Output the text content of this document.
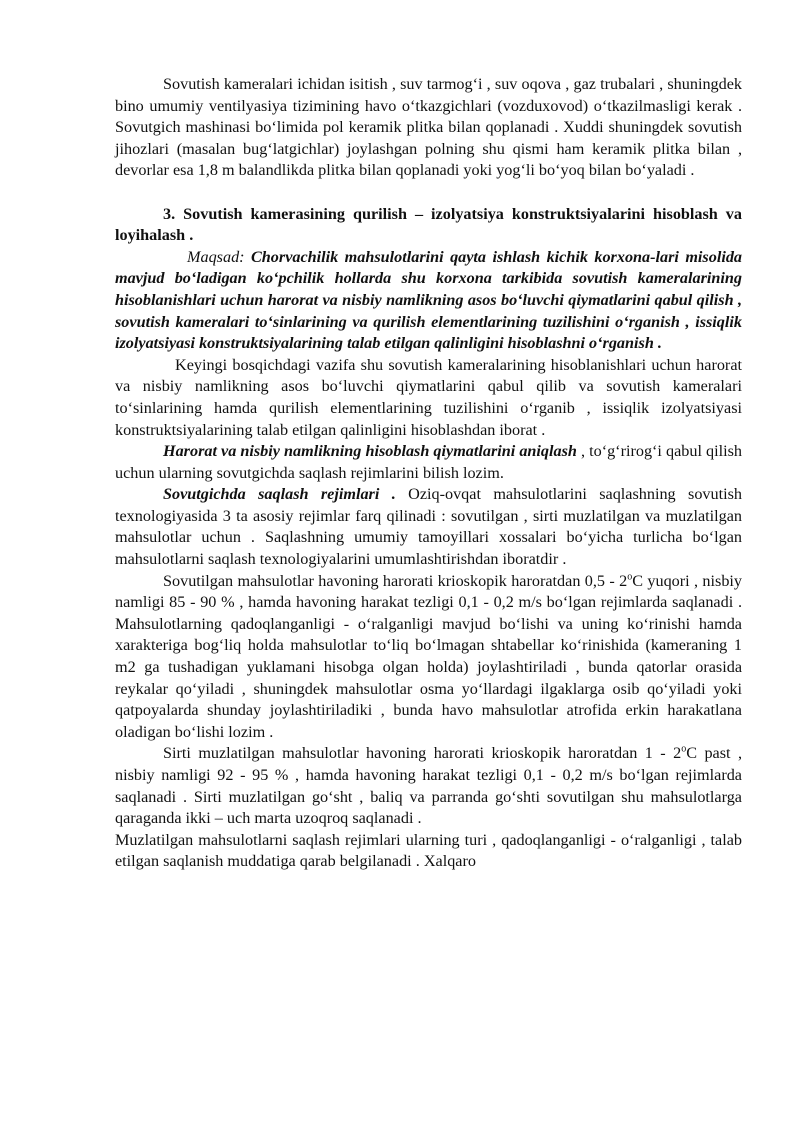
Sovutish kameralari ichidan isitish , suv tarmog‘i , suv oqova , gaz trubalari , shuningdek bino umumiy ventilyasiya tizimining havo o‘tkazgichlari (vozduxovod) o‘tkazilmasligi kerak . Sovutgich mashinasi bo‘limida pol keramik plitka bilan qoplanadi . Xuddi shuningdek sovutish jihozlari (masalan bug‘latgichlar) joylashgan polning shu qismi ham keramik plitka bilan , devorlar esa 1,8 m balandlikda plitka bilan qoplanadi yoki yog‘li bo‘yoq bilan bo‘yaladi .

3. Sovutish kamerasining qurilish – izolyatsiya konstruktsiyalarini hisoblash va loyihalash .

Maqsad: Chorvachilik mahsulotlarini qayta ishlash kichik korxona-lari misolida mavjud bo‘ladigan ko‘pchilik hollarda shu korxona tarkibida sovutish kameralarining hisoblanishlari uchun harorat va nisbiy namlikning asos bo‘luvchi qiymatlarini qabul qilish , sovutish kameralari to‘sinlarining va qurilish elementlarining tuzilishini o‘rganish , issiqlik izolyatsiyasi konstruktsiyalarining talab etilgan qalinligini hisoblashni o‘rganish .

Keyingi bosqichdagi vazifa shu sovutish kameralarining hisoblanishlari uchun harorat va nisbiy namlikning asos bo‘luvchi qiymatlarini qabul qilib va sovutish kameralari to‘sinlarining hamda qurilish elementlarining tuzilishini o‘rganib , issiqlik izolyatsiyasi konstruktsiyalarining talab etilgan qalinligini hisoblashdan iborat .

Harorat va nisbiy namlikning hisoblash qiymatlarini aniqlash , to‘g‘rirog‘i qabul qilish uchun ularning sovutgichda saqlash rejimlarini bilish lozim.

Sovutgichda saqlash rejimlari . Oziq-ovqat mahsulotlarini saqlashning sovutish texnologiyasida 3 ta asosiy rejimlar farq qilinadi : sovutilgan , sirti muzlatilgan va muzlatilgan mahsulotlar uchun . Saqlashning umumiy tamoyillari xossalari bo‘yicha turlicha bo‘lgan mahsulotlarni saqlash texnologiyalarini umumlashtirishdan iboratdir .

Sovutilgan mahsulotlar havoning harorati krioskopik haroratdan 0,5 - 2$^o$C yuqori , nisbiy namligi 85 - 90 % , hamda havoning harakat tezligi 0,1 - 0,2 m/s bo‘lgan rejimlarda saqlanadi . Mahsulotlarning qadoqlanganligi - o‘ralganligi mavjud bo‘lishi va uning ko‘rinishi hamda xarakteriga bog‘liq holda mahsulotlar to‘liq bo‘lmagan shtabellar ko‘rinishida (kameraning 1 m2 ga tushadigan yuklamani hisobga olgan holda) joylashtiriladi , bunda qatorlar orasida reykalar qo‘yiladi , shuningdek mahsulotlar osma yo‘llardagi ilgaklarga osib qo‘yiladi yoki qatpoyalarda shunday joylashtiriladiki , bunda havo mahsulotlar atrofida erkin harakatlana oladigan bo‘lishi lozim .

Sirti muzlatilgan mahsulotlar havoning harorati krioskopik haroratdan 1 - 2$^o$C past , nisbiy namligi 92 - 95 % , hamda havoning harakat tezligi 0,1 - 0,2 m/s bo‘lgan rejimlarda saqlanadi . Sirti muzlatilgan go‘sht , baliq va parranda go‘shti sovutilgan shu mahsulotlarga qaraganda ikki – uch marta uzoqroq saqlanadi .

Muzlatilgan mahsulotlarni saqlash rejimlari ularning turi , qadoqlanganligi - o‘ralganligi , talab etilgan saqlanish muddatiga qarab belgilanadi . Xalqaro
